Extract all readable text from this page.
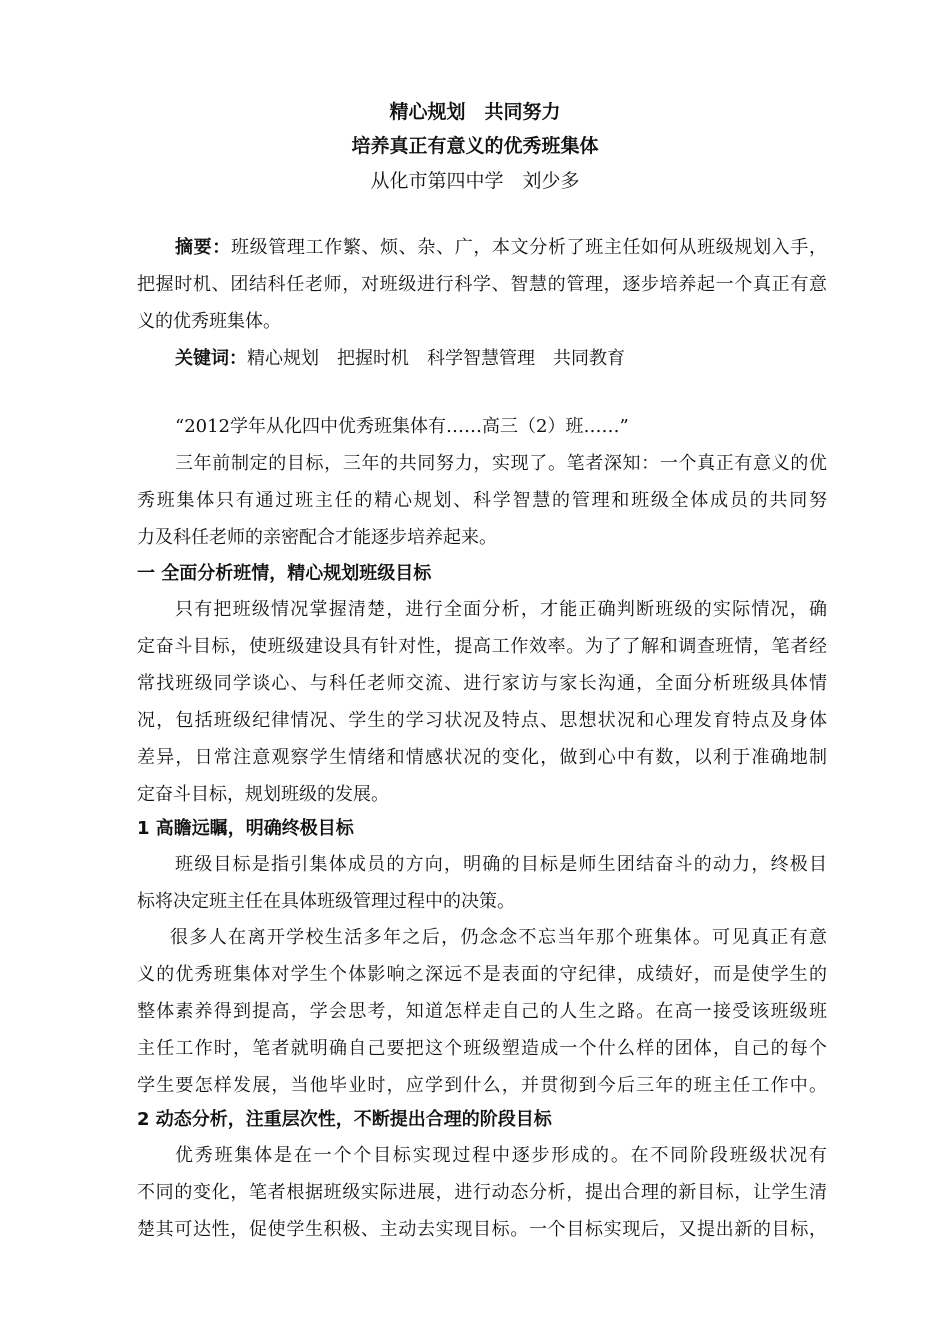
精心规划　共同努力
培养真正有意义的优秀班集体
从化市第四中学　刘少多
摘要：班级管理工作繁、烦、杂、广，本文分析了班主任如何从班级规划入手，
把握时机、团结科任老师，对班级进行科学、智慧的管理，逐步培养起一个真正有意
义的优秀班集体。
关键词：精心规划　把握时机　科学智慧管理　共同教育
“2012学年从化四中优秀班集体有……高三（2）班……”
三年前制定的目标，三年的共同努力，实现了。笔者深知：一个真正有意义的优
秀班集体只有通过班主任的精心规划、科学智慧的管理和班级全体成员的共同努
力及科任老师的亲密配合才能逐步培养起来。
一 全面分析班情，精心规划班级目标
只有把班级情况掌握清楚，进行全面分析，才能正确判断班级的实际情况，确
定奋斗目标，使班级建设具有针对性，提高工作效率。为了了解和调查班情，笔者经
常找班级同学谈心、与科任老师交流、进行家访与家长沟通，全面分析班级具体情
况，包括班级纪律情况、学生的学习状况及特点、思想状况和心理发育特点及身体
差异，日常注意观察学生情绪和情感状况的变化，做到心中有数，以利于准确地制
定奋斗目标，规划班级的发展。
1 高瞻远瞩，明确终极目标
班级目标是指引集体成员的方向，明确的目标是师生团结奋斗的动力，终极目
标将决定班主任在具体班级管理过程中的决策。
很多人在离开学校生活多年之后，仍念念不忘当年那个班集体。可见真正有意
义的优秀班集体对学生个体影响之深远不是表面的守纪律，成绩好，而是使学生的
整体素养得到提高，学会思考，知道怎样走自己的人生之路。在高一接受该班级班
主任工作时，笔者就明确自己要把这个班级塑造成一个什么样的团体，自己的每个
学生要怎样发展，当他毕业时，应学到什么，并贯彻到今后三年的班主任工作中。
2 动态分析，注重层次性，不断提出合理的阶段目标
优秀班集体是在一个个目标实现过程中逐步形成的。在不同阶段班级状况有
不同的变化，笔者根据班级实际进展，进行动态分析，提出合理的新目标，让学生清
楚其可达性，促使学生积极、主动去实现目标。一个目标实现后，又提出新的目标，
